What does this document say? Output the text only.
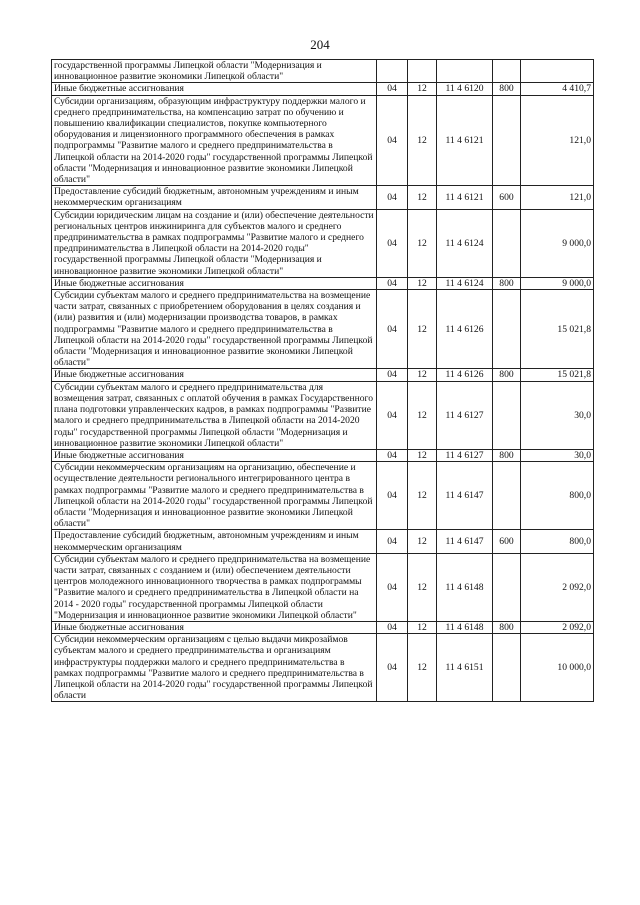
204
государственной программы Липецкой области "Модернизация и инновационное развитие экономики Липецкой области"					
Иные бюджетные ассигнования	04	12	11 4 6120	800	4 410,7
Субсидии организациям, образующим инфраструктуру поддержки малого и среднего предпринимательства, на компенсацию затрат по обучению и повышению квалификации специалистов, покупке компьютерного оборудования и лицензионного программного обеспечения в рамках подпрограммы "Развитие малого и среднего предпринимательства в Липецкой области на 2014-2020 годы" государственной программы Липецкой области "Модернизация и инновационное развитие экономики Липецкой области"	04	12	11 4 6121		121,0
Предоставление субсидий бюджетным, автономным учреждениям и иным некоммерческим организациям	04	12	11 4 6121	600	121,0
Субсидии юридическим лицам на создание и (или) обеспечение деятельности региональных центров инжиниринга для субъектов малого и среднего предпринимательства в рамках подпрограммы "Развитие малого и среднего предпринимательства в Липецкой области на 2014-2020 годы" государственной программы Липецкой области "Модернизация и инновационное развитие экономики Липецкой области"	04	12	11 4 6124		9 000,0
Иные бюджетные ассигнования	04	12	11 4 6124	800	9 000,0
Субсидии субъектам малого и среднего предпринимательства на возмещение части затрат, связанных с приобретением оборудования в целях создания и (или) развития и (или) модернизации производства товаров, в рамках подпрограммы "Развитие малого и среднего предпринимательства в Липецкой области на 2014-2020 годы" государственной программы Липецкой области "Модернизация и инновационное развитие экономики Липецкой области"	04	12	11 4 6126		15 021,8
Иные бюджетные ассигнования	04	12	11 4 6126	800	15 021,8
Субсидии субъектам малого и среднего предпринимательства для возмещения затрат, связанных с оплатой обучения в рамках Государственного плана подготовки управленческих кадров, в рамках подпрограммы "Развитие малого и среднего предпринимательства в Липецкой области на 2014-2020 годы" государственной программы Липецкой области "Модернизация и инновационное развитие экономики Липецкой области"	04	12	11 4 6127		30,0
Иные бюджетные ассигнования	04	12	11 4 6127	800	30,0
Субсидии некоммерческим организациям на организацию, обеспечение и осуществление деятельности регионального интегрированного центра в рамках подпрограммы "Развитие малого и среднего предпринимательства в Липецкой области на 2014-2020 годы" государственной программы Липецкой области "Модернизация и инновационное развитие экономики Липецкой области"	04	12	11 4 6147		800,0
Предоставление субсидий бюджетным, автономным учреждениям и иным некоммерческим организациям	04	12	11 4 6147	600	800,0
Субсидии субъектам малого и среднего предпринимательства на возмещение части затрат, связанных с созданием и (или) обеспечением деятельности центров молодежного инновационного творчества в рамках подпрограммы "Развитие малого и среднего предпринимательства в Липецкой области на 2014 - 2020 годы" государственной программы Липецкой области "Модернизация и инновационное развитие экономики Липецкой области"	04	12	11 4 6148		2 092,0
Иные бюджетные ассигнования	04	12	11 4 6148	800	2 092,0
Субсидии некоммерческим организациям с целью выдачи микрозаймов субъектам малого и среднего предпринимательства и организациям инфраструктуры поддержки малого и среднего предпринимательства в рамках подпрограммы "Развитие малого и среднего предпринимательства в Липецкой области на 2014-2020 годы" государственной программы Липецкой области	04	12	11 4 6151		10 000,0
